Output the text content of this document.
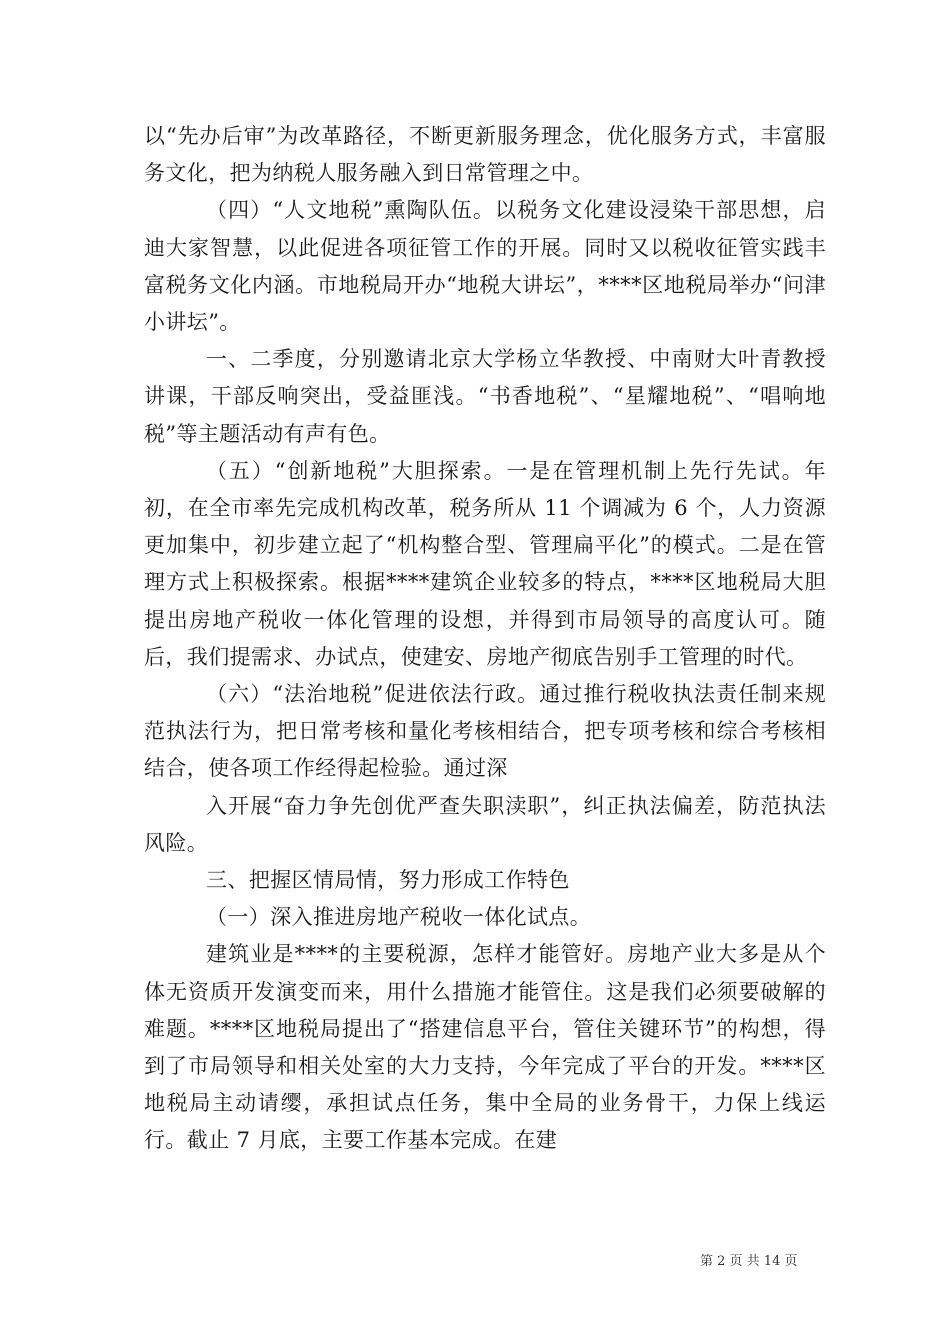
以“先办后审”为改革路径，不断更新服务理念，优化服务方式，丰富服务文化，把为纳税人服务融入到日常管理之中。

（四）“人文地税”熏陶队伍。以税务文化建设浸染干部思想，启迪大家智慧，以此促进各项征管工作的开展。同时又以税收征管实践丰富税务文化内涵。市地税局开办“地税大讲坛”，****区地税局举办“问津小讲坛”。

一、二季度，分别邀请北京大学杨立华教授、中南财大叶青教授讲课，干部反响突出，受益匪浅。“书香地税”、“星耀地税”、“唱响地税”等主题活动有声有色。

（五）“创新地税”大胆探索。一是在管理机制上先行先试。年初，在全市率先完成机构改革，税务所从 11 个调减为 6 个，人力资源更加集中，初步建立起了“机构整合型、管理扁平化”的模式。二是在管理方式上积极探索。根据****建筑企业较多的特点，****区地税局大胆提出房地产税收一体化管理的设想，并得到市局领导的高度认可。随后，我们提需求、办试点，使建安、房地产彻底告别手工管理的时代。

（六）“法治地税”促进依法行政。通过推行税收执法责任制来规范执法行为，把日常考核和量化考核相结合，把专项考核和综合考核相结合，使各项工作经得起检验。通过深

入开展“奋力争先创优严查失职渎职”，纠正执法偏差，防范执法风险。

三、把握区情局情，努力形成工作特色

（一）深入推进房地产税收一体化试点。

建筑业是****的主要税源，怎样才能管好。房地产业大多是从个体无资质开发演变而来，用什么措施才能管住。这是我们必须要破解的难题。****区地税局提出了“搭建信息平台，管住关键环节”的构想，得到了市局领导和相关处室的大力支持，今年完成了平台的开发。****区地税局主动请缨，承担试点任务，集中全局的业务骨干，力保上线运行。截止 7 月底，主要工作基本完成。在建

第 2 页 共 14 页
